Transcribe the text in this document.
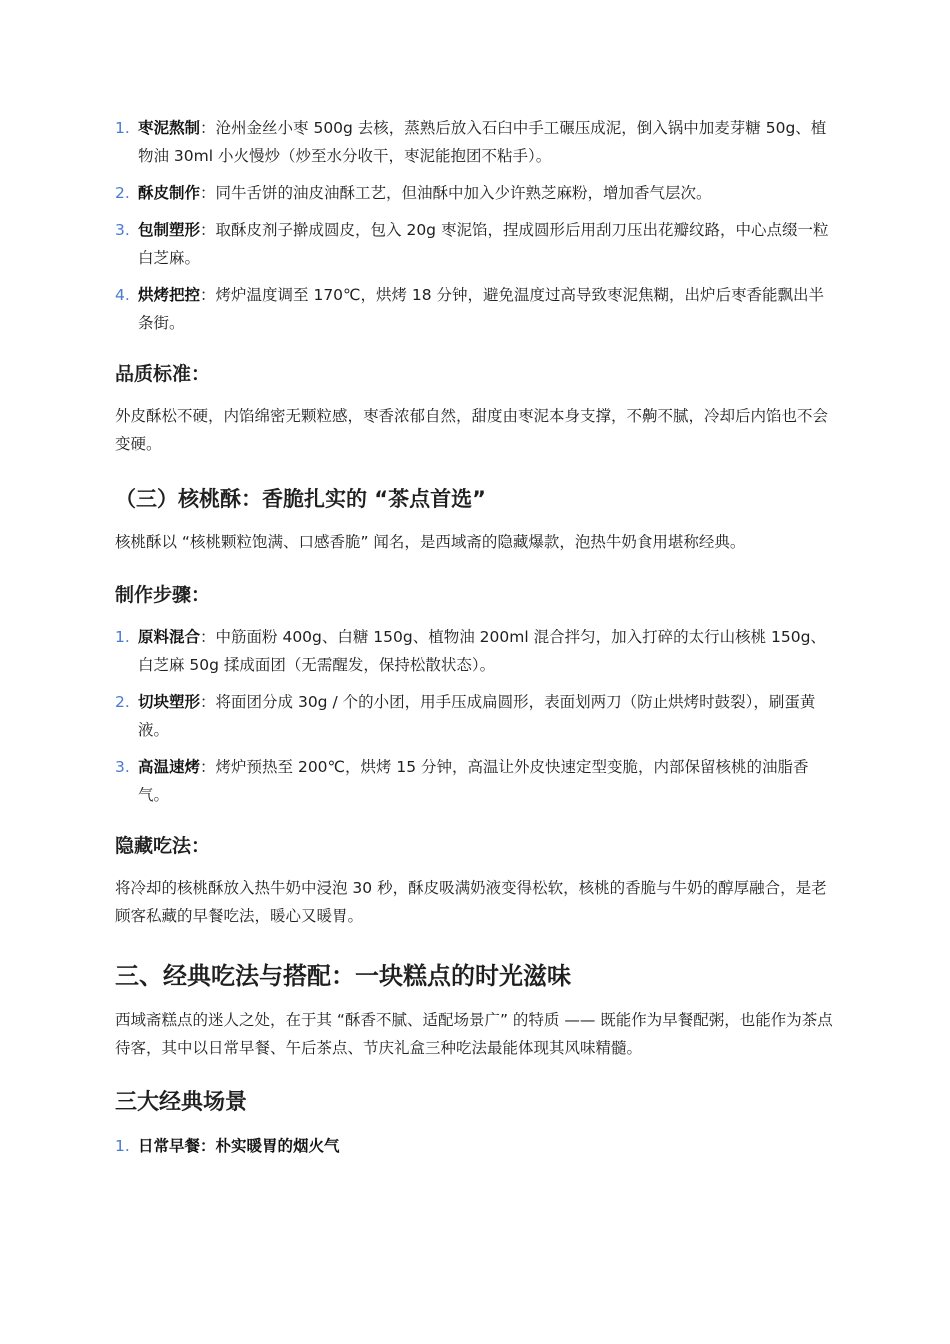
1. 枣泥熬制：沧州金丝小枣 500g 去核，蒸熟后放入石臼中手工碾压成泥，倒入锅中加麦芽糖 50g、植物油 30ml 小火慢炒（炒至水分收干，枣泥能抱团不粘手）。
2. 酥皮制作：同牛舌饼的油皮油酥工艺，但油酥中加入少许熟芝麻粉，增加香气层次。
3. 包制塑形：取酥皮剂子擀成圆皮，包入 20g 枣泥馅，捏成圆形后用刮刀压出花瓣纹路，中心点缀一粒白芝麻。
4. 烘烤把控：烤炉温度调至 170℃，烘烤 18 分钟，避免温度过高导致枣泥焦糊，出炉后枣香能飘出半条街。
品质标准：

外皮酥松不硬，内馅绵密无颗粒感，枣香浓郁自然，甜度由枣泥本身支撑，不齁不腻，冷却后内馅也不会变硬。

（三）核桃酥：香脆扎实的 “茶点首选”

核桃酥以 “核桃颗粒饱满、口感香脆” 闻名，是西域斋的隐藏爆款，泡热牛奶食用堪称经典。

制作步骤：
1. 原料混合：中筋面粉 400g、白糖 150g、植物油 200ml 混合拌匀，加入打碎的太行山核桃 150g、白芝麻 50g 揉成面团（无需醒发，保持松散状态）。
2. 切块塑形：将面团分成 30g / 个的小团，用手压成扁圆形，表面划两刀（防止烘烤时鼓裂），刷蛋黄液。
3. 高温速烤：烤炉预热至 200℃，烘烤 15 分钟，高温让外皮快速定型变脆，内部保留核桃的油脂香气。
隐藏吃法：

将冷却的核桃酥放入热牛奶中浸泡 30 秒，酥皮吸满奶液变得松软，核桃的香脆与牛奶的醇厚融合，是老顾客私藏的早餐吃法，暖心又暖胃。

三、经典吃法与搭配：一块糕点的时光滋味

西域斋糕点的迷人之处，在于其 “酥香不腻、适配场景广” 的特质 —— 既能作为早餐配粥，也能作为茶点待客，其中以日常早餐、午后茶点、节庆礼盒三种吃法最能体现其风味精髓。

三大经典场景
1. 日常早餐：朴实暖胃的烟火气
